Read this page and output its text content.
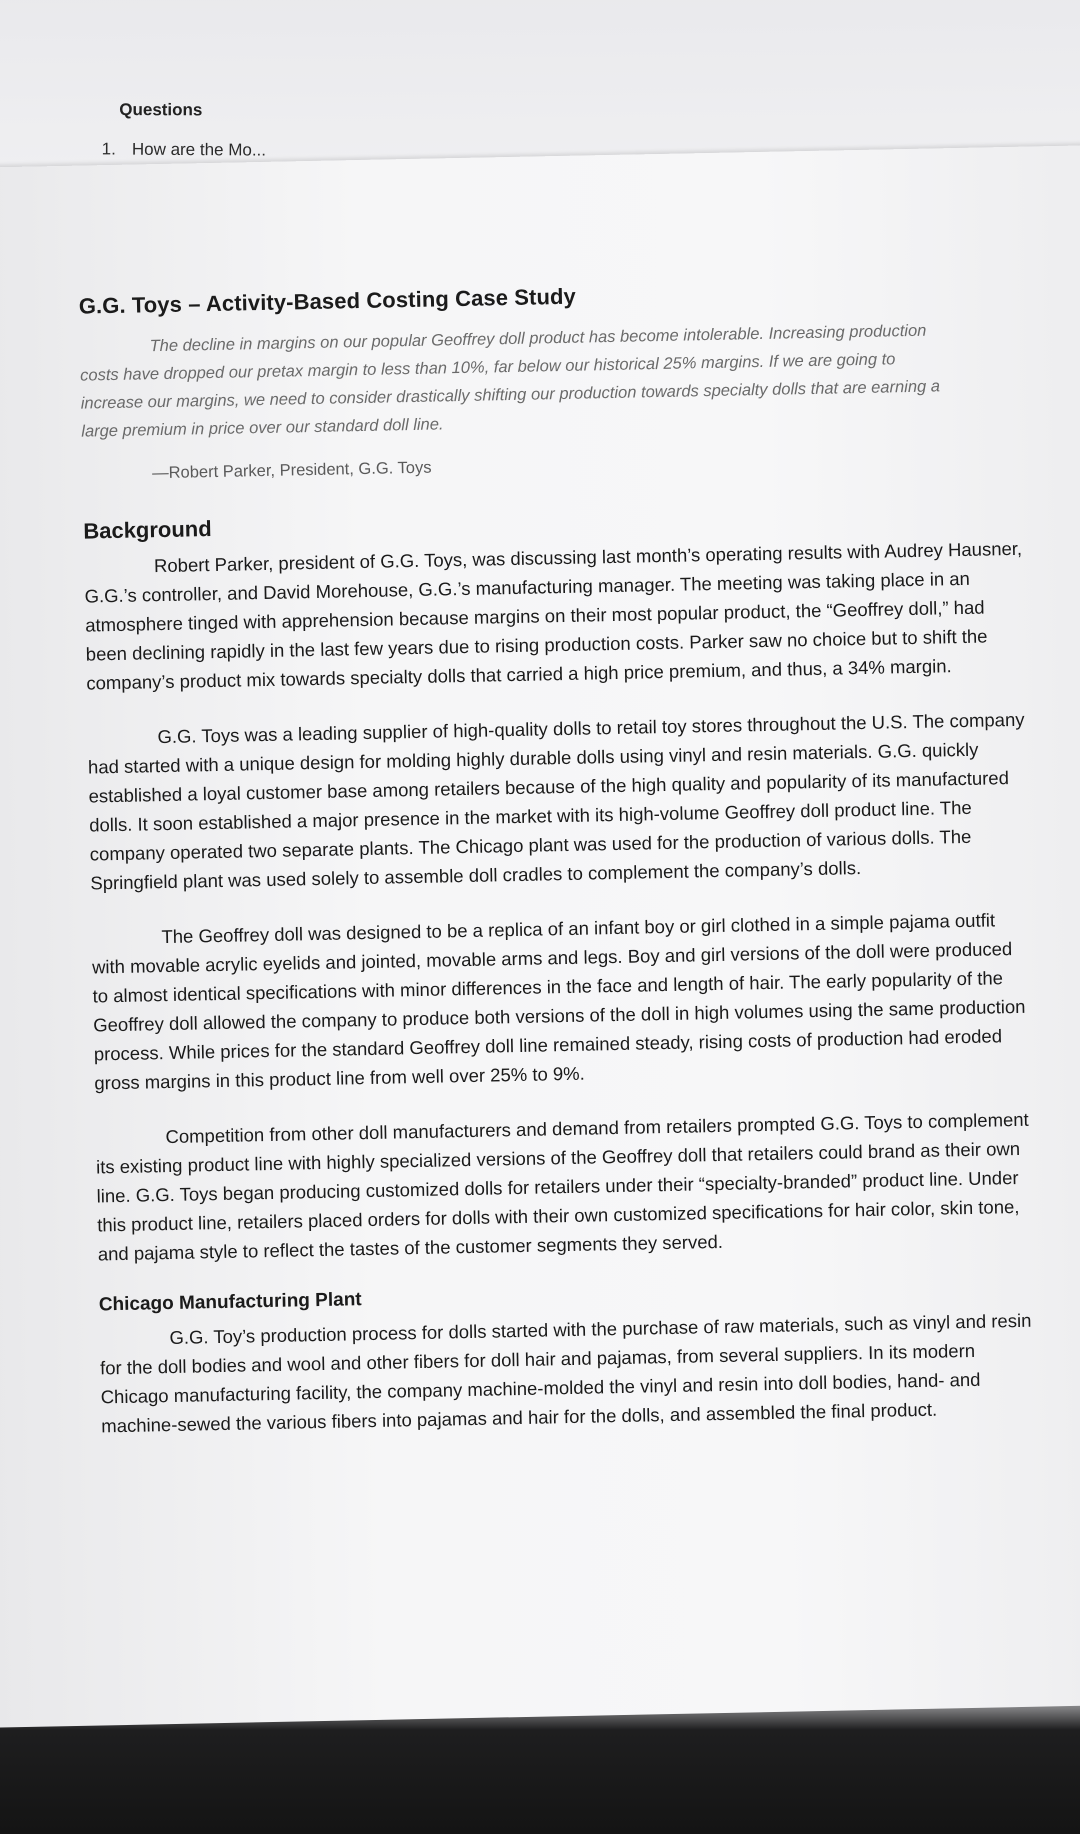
Questions
1. How are the Mo...
G.G. Toys – Activity-Based Costing Case Study

The decline in margins on our popular Geoffrey doll product has become intolerable. Increasing production costs have dropped our pretax margin to less than 10%, far below our historical 25% margins. If we are going to increase our margins, we need to consider drastically shifting our production towards specialty dolls that are earning a large premium in price over our standard doll line.

—Robert Parker, President, G.G. Toys
Background

Robert Parker, president of G.G. Toys, was discussing last month’s operating results with Audrey Hausner, G.G.’s controller, and David Morehouse, G.G.’s manufacturing manager. The meeting was taking place in an atmosphere tinged with apprehension because margins on their most popular product, the “Geoffrey doll,” had been declining rapidly in the last few years due to rising production costs. Parker saw no choice but to shift the company’s product mix towards specialty dolls that carried a high price premium, and thus, a 34% margin.

G.G. Toys was a leading supplier of high-quality dolls to retail toy stores throughout the U.S. The company had started with a unique design for molding highly durable dolls using vinyl and resin materials. G.G. quickly established a loyal customer base among retailers because of the high quality and popularity of its manufactured dolls. It soon established a major presence in the market with its high-volume Geoffrey doll product line. The company operated two separate plants. The Chicago plant was used for the production of various dolls. The Springfield plant was used solely to assemble doll cradles to complement the company’s dolls.

The Geoffrey doll was designed to be a replica of an infant boy or girl clothed in a simple pajama outfit with movable acrylic eyelids and jointed, movable arms and legs. Boy and girl versions of the doll were produced to almost identical specifications with minor differences in the face and length of hair. The early popularity of the Geoffrey doll allowed the company to produce both versions of the doll in high volumes using the same production process. While prices for the standard Geoffrey doll line remained steady, rising costs of production had eroded gross margins in this product line from well over 25% to 9%.

Competition from other doll manufacturers and demand from retailers prompted G.G. Toys to complement its existing product line with highly specialized versions of the Geoffrey doll that retailers could brand as their own line. G.G. Toys began producing customized dolls for retailers under their “specialty-branded” product line. Under this product line, retailers placed orders for dolls with their own customized specifications for hair color, skin tone, and pajama style to reflect the tastes of the customer segments they served.

Chicago Manufacturing Plant

G.G. Toy’s production process for dolls started with the purchase of raw materials, such as vinyl and resin for the doll bodies and wool and other fibers for doll hair and pajamas, from several suppliers. In its modern Chicago manufacturing facility, the company machine-molded the vinyl and resin into doll bodies, hand- and machine-sewed the various fibers into pajamas and hair for the dolls, and assembled the final product.
